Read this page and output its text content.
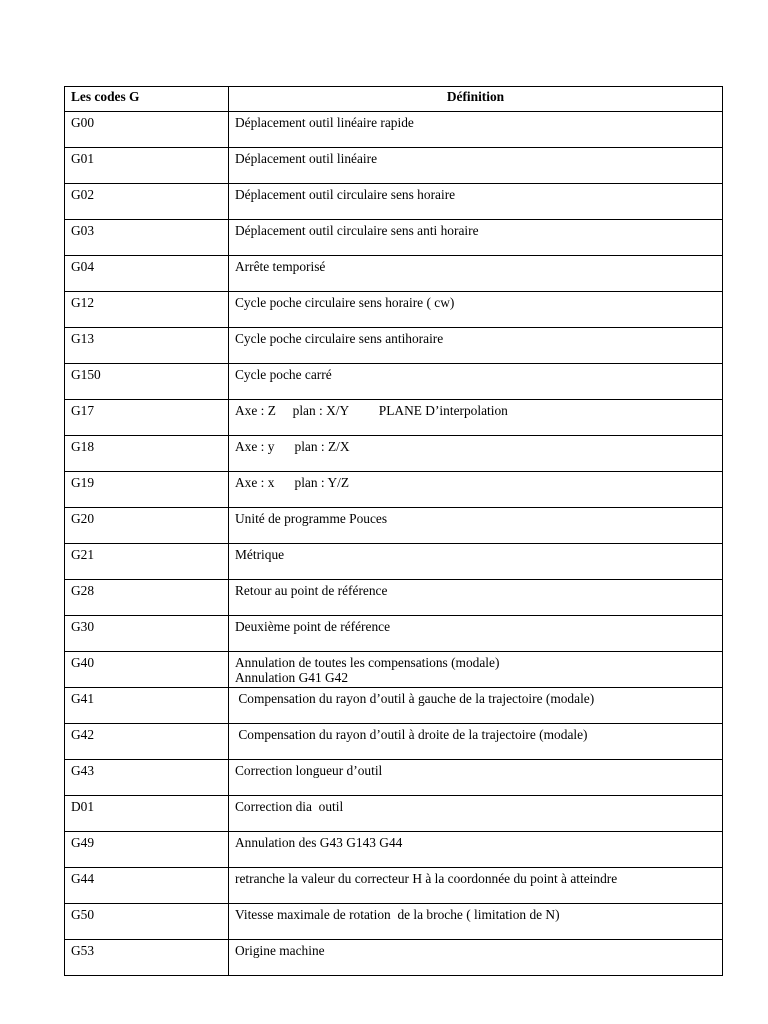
Les codes G	Définition
G00	Déplacement outil linéaire rapide
G01	Déplacement outil linéaire
G02	Déplacement outil circulaire sens horaire
G03	Déplacement outil circulaire sens anti horaire
G04	Arrête temporisé
G12	Cycle poche circulaire sens horaire ( cw)
G13	Cycle poche circulaire sens antihoraire
G150	Cycle poche carré
G17	Axe : Z     plan : X/Y         PLANE D’interpolation
G18	Axe : y      plan : Z/X
G19	Axe : x      plan : Y/Z
G20	Unité de programme Pouces
G21	Métrique
G28	Retour au point de référence
G30	Deuxième point de référence
G40	Annulation de toutes les compensations (modale)
Annulation G41 G42
G41	Compensation du rayon d’outil à gauche de la trajectoire (modale)
G42	Compensation du rayon d’outil à droite de la trajectoire (modale)
G43	Correction longueur d’outil
D01	Correction dia  outil
G49	Annulation des G43 G143 G44
G44	retranche la valeur du correcteur H à la coordonnée du point à atteindre
G50	Vitesse maximale de rotation  de la broche ( limitation de N)
G53	Origine machine
